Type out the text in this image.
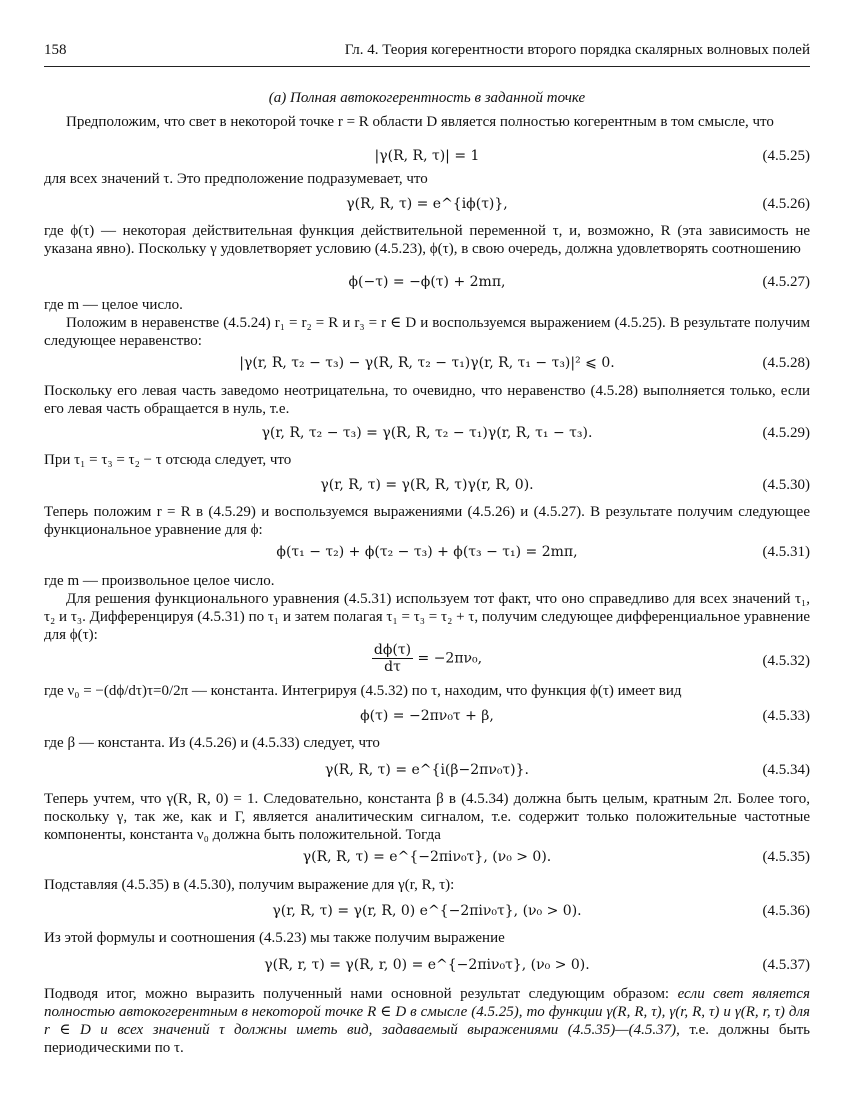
158	Гл. 4. Теория когерентности второго порядка скалярных волновых полей
(a) Полная автокогерентность в заданной точке
Предположим, что свет в некоторой точке r = R области D является полностью когерентным в том смысле, что
|γ(R, R, τ)| = 1	(4.5.25)
для всех значений τ. Это предположение подразумевает, что
γ(R, R, τ) = e^{iϕ(τ)},	(4.5.26)
где ϕ(τ) — некоторая действительная функция действительной переменной τ, и, возможно, R (эта зависимость не указана явно). Поскольку γ удовлетворяет условию (4.5.23), ϕ(τ), в свою очередь, должна удовлетворять соотношению
ϕ(−τ) = −ϕ(τ) + 2mπ,	(4.5.27)
где m — целое число.
Положим в неравенстве (4.5.24) r₁ = r₂ = R и r₃ = r ∈ D и воспользуемся выражением (4.5.25). В результате получим следующее неравенство:
|γ(r, R, τ₂ − τ₃) − γ(R, R, τ₂ − τ₁)γ(r, R, τ₁ − τ₃)|² ⩽ 0.	(4.5.28)
Поскольку его левая часть заведомо неотрицательна, то очевидно, что неравенство (4.5.28) выполняется только, если его левая часть обращается в нуль, т.е.
γ(r, R, τ₂ − τ₃) = γ(R, R, τ₂ − τ₁)γ(r, R, τ₁ − τ₃).	(4.5.29)
При τ₁ = τ₃ = τ₂ − τ отсюда следует, что
γ(r, R, τ) = γ(R, R, τ)γ(r, R, 0).	(4.5.30)
Теперь положим r = R в (4.5.29) и воспользуемся выражениями (4.5.26) и (4.5.27). В результате получим следующее функциональное уравнение для ϕ:
ϕ(τ₁ − τ₂) + ϕ(τ₂ − τ₃) + ϕ(τ₃ − τ₁) = 2mπ,	(4.5.31)
где m — произвольное целое число.
Для решения функционального уравнения (4.5.31) используем тот факт, что оно справедливо для всех значений τ₁, τ₂ и τ₃. Дифференцируя (4.5.31) по τ₁ и затем полагая τ₁ = τ₃ = τ₂ + τ, получим следующее дифференциальное уравнение для ϕ(τ):
$\frac{d\phi(\tau)}{d\tau} = -2\pi\nu_0$,	(4.5.32)
где ν₀ = −(dϕ/dτ)τ=0/2π — константа. Интегрируя (4.5.32) по τ, находим, что функция ϕ(τ) имеет вид
ϕ(τ) = −2πν₀τ + β,	(4.5.33)
где β — константа. Из (4.5.26) и (4.5.33) следует, что
γ(R, R, τ) = e^{i(β−2πν₀τ)}.	(4.5.34)
Теперь учтем, что γ(R, R, 0) = 1. Следовательно, константа β в (4.5.34) должна быть целым, кратным 2π. Более того, поскольку γ, так же, как и Γ, является аналитическим сигналом, т.е. содержит только положительные частотные компоненты, константа ν₀ должна быть положительной. Тогда
γ(R, R, τ) = e^{−2πiν₀τ}, (ν₀ > 0).	(4.5.35)
Подставляя (4.5.35) в (4.5.30), получим выражение для γ(r, R, τ):
γ(r, R, τ) = γ(r, R, 0) e^{−2πiν₀τ}, (ν₀ > 0).	(4.5.36)
Из этой формулы и соотношения (4.5.23) мы также получим выражение
γ(R, r, τ) = γ(R, r, 0) = e^{−2πiν₀τ}, (ν₀ > 0).	(4.5.37)
Подводя итог, можно выразить полученный нами основной результат следующим образом: если свет является полностью автокогерентным в некоторой точке R ∈ D в смысле (4.5.25), то функции γ(R, R, τ), γ(r, R, τ) и γ(R, r, τ) для r ∈ D и всех значений τ должны иметь вид, задаваемый выражениями (4.5.35)—(4.5.37), т.е. должны быть периодическими по τ.
